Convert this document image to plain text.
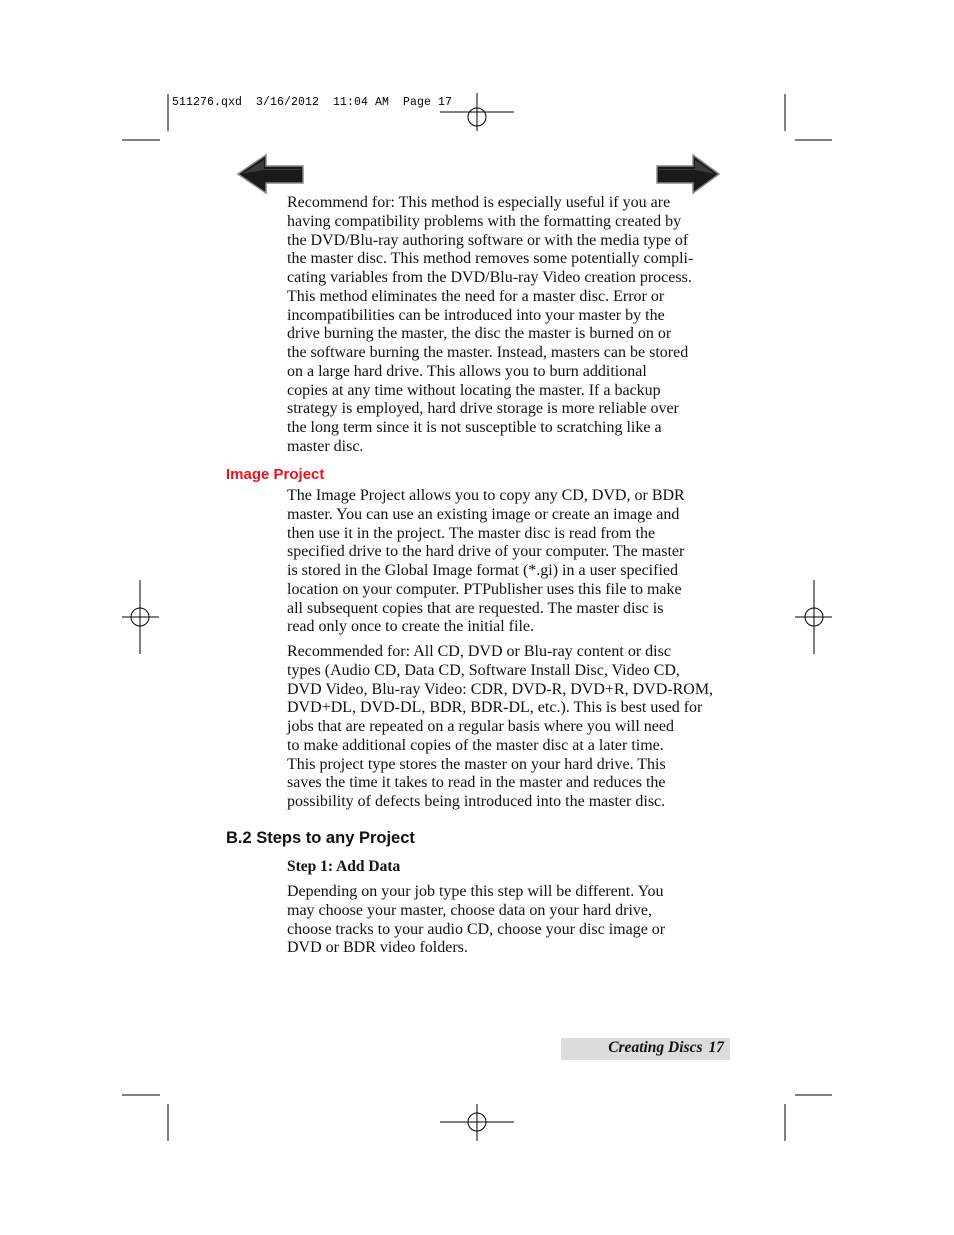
511276.qxd  3/16/2012  11:04 AM  Page 17
Recommend for: This method is especially useful if you are
having compatibility problems with the formatting created by
the DVD/Blu-ray authoring software or with the media type of
the master disc. This method removes some potentially compli-
cating variables from the DVD/Blu-ray Video creation process.
This method eliminates the need for a master disc. Error or
incompatibilities can be introduced into your master by the
drive burning the master, the disc the master is burned on or
the software burning the master. Instead, masters can be stored
on a large hard drive. This allows you to burn additional
copies at any time without locating the master. If a backup
strategy is employed, hard drive storage is more reliable over
the long term since it is not susceptible to scratching like a
master disc.
Image Project
The Image Project allows you to copy any CD, DVD, or BDR
master. You can use an existing image or create an image and
then use it in the project. The master disc is read from the
specified drive to the hard drive of your computer. The master
is stored in the Global Image format (*.gi) in a user specified
location on your computer. PTPublisher uses this file to make
all subsequent copies that are requested. The master disc is
read only once to create the initial file.
Recommended for: All CD, DVD or Blu-ray content or disc
types (Audio CD, Data CD, Software Install Disc, Video CD,
DVD Video, Blu-ray Video: CDR, DVD-R, DVD+R, DVD-ROM,
DVD+DL, DVD-DL, BDR, BDR-DL, etc.). This is best used for
jobs that are repeated on a regular basis where you will need
to make additional copies of the master disc at a later time.
This project type stores the master on your hard drive. This
saves the time it takes to read in the master and reduces the
possibility of defects being introduced into the master disc.
B.2 Steps to any Project
Step 1: Add Data
Depending on your job type this step will be different. You
may choose your master, choose data on your hard drive,
choose tracks to your audio CD, choose your disc image or
DVD or BDR video folders.
Creating Discs 17
